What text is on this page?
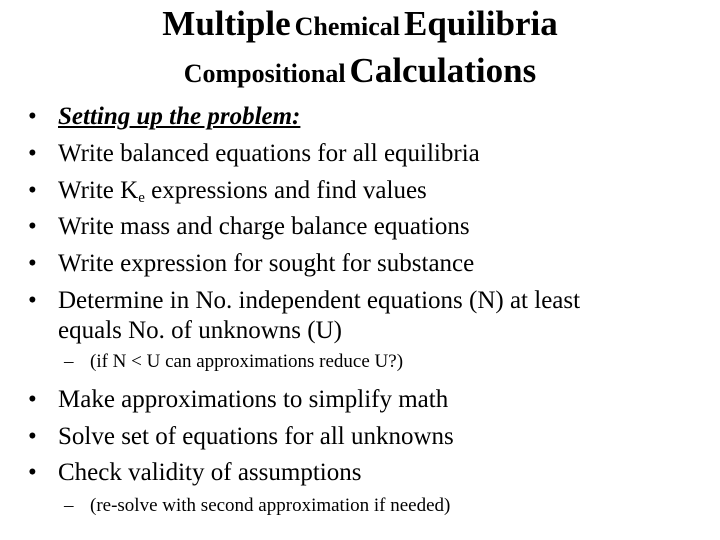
Multiple Chemical Equilibria
Compositional Calculations
• Setting up the problem:
• Write balanced equations for all equilibria
• Write $K_e$ expressions and find values
• Write mass and charge balance equations
• Write expression for sought for substance
• Determine in No. independent equations (N) at least
equals No. of unknowns (U)
– (if N < U can approximations reduce U?)
• Make approximations to simplify math
• Solve set of equations for all unknowns
• Check validity of assumptions
– (re-solve with second approximation if needed)
